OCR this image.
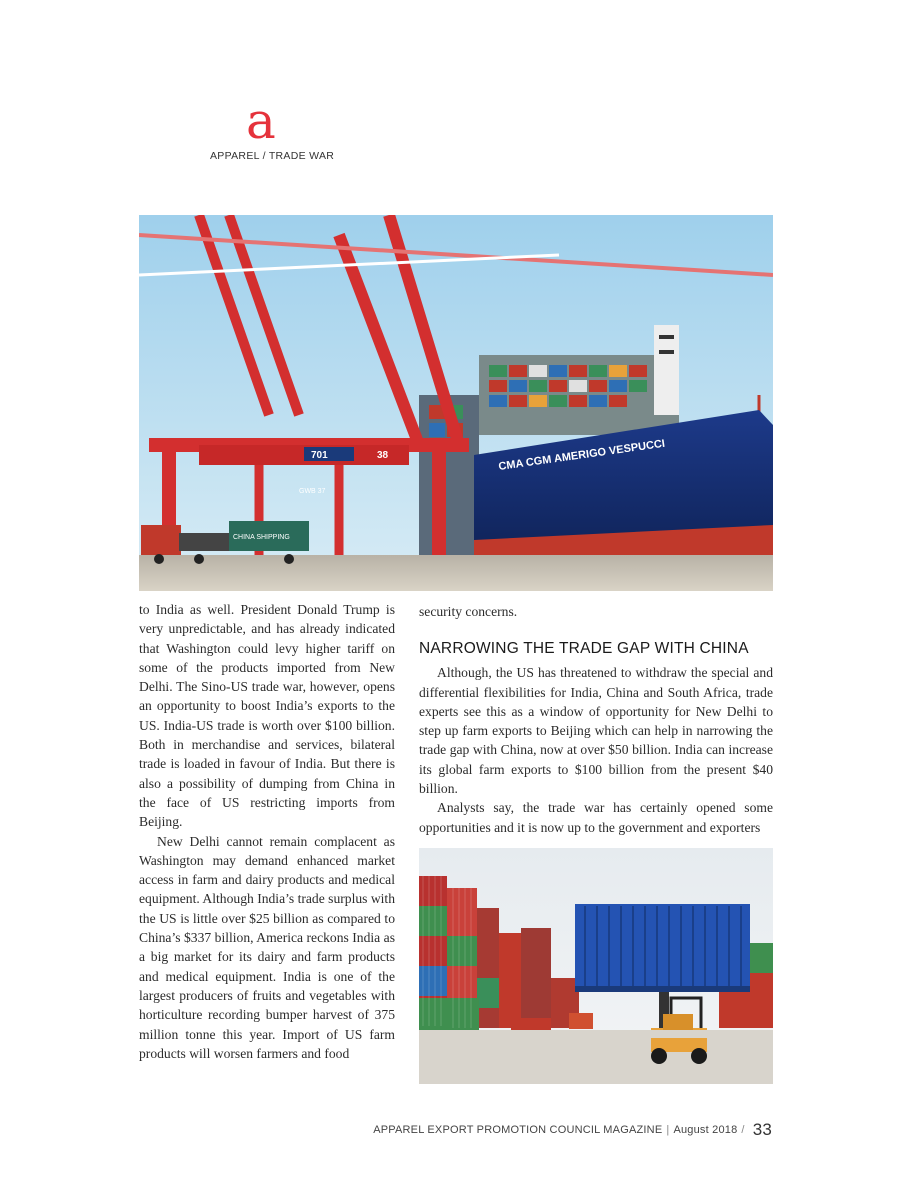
a
APPAREL / TRADE WAR
CMA CGM AMERIGO VESPUCCI
701	38
GWB 37
CHINA SHIPPING

to India as well. President Donald Trump is very unpredictable, and has already indicated that Washington could levy higher tariff on some of the products imported from New Delhi. The Sino-US trade war, however, opens an opportunity to boost India’s exports to the US. India-US trade is worth over $100 billion. Both in merchandise and services, bilateral trade is loaded in favour of India. But there is also a possibility of dumping from China in the face of US restricting imports from Beijing.

New Delhi cannot remain complacent as Washington may demand enhanced market access in farm and dairy products and medical equipment. Although India’s trade surplus with the US is little over $25 billion as compared to China’s $337 billion, America reckons India as a big market for its dairy and farm products and medical equipment. India is one of the largest producers of fruits and vegetables with horticulture recording bumper harvest of 375 million tonne this year. Import of US farm products will worsen farmers and food

security concerns.

NARROWING THE TRADE GAP WITH CHINA

Although, the US has threatened to withdraw the special and differential flexibilities for India, China and South Africa, trade experts see this as a window of opportunity for New Delhi to step up farm exports to Beijing which can help in narrowing the trade gap with China, now at over $50 billion. India can increase its global farm exports to $100 billion from the present $40 billion.

Analysts say, the trade war has certainly opened some opportunities and it is now up to the government and exporters

APPAREL EXPORT PROMOTION COUNCIL MAGAZINE | August 2018 / 33
